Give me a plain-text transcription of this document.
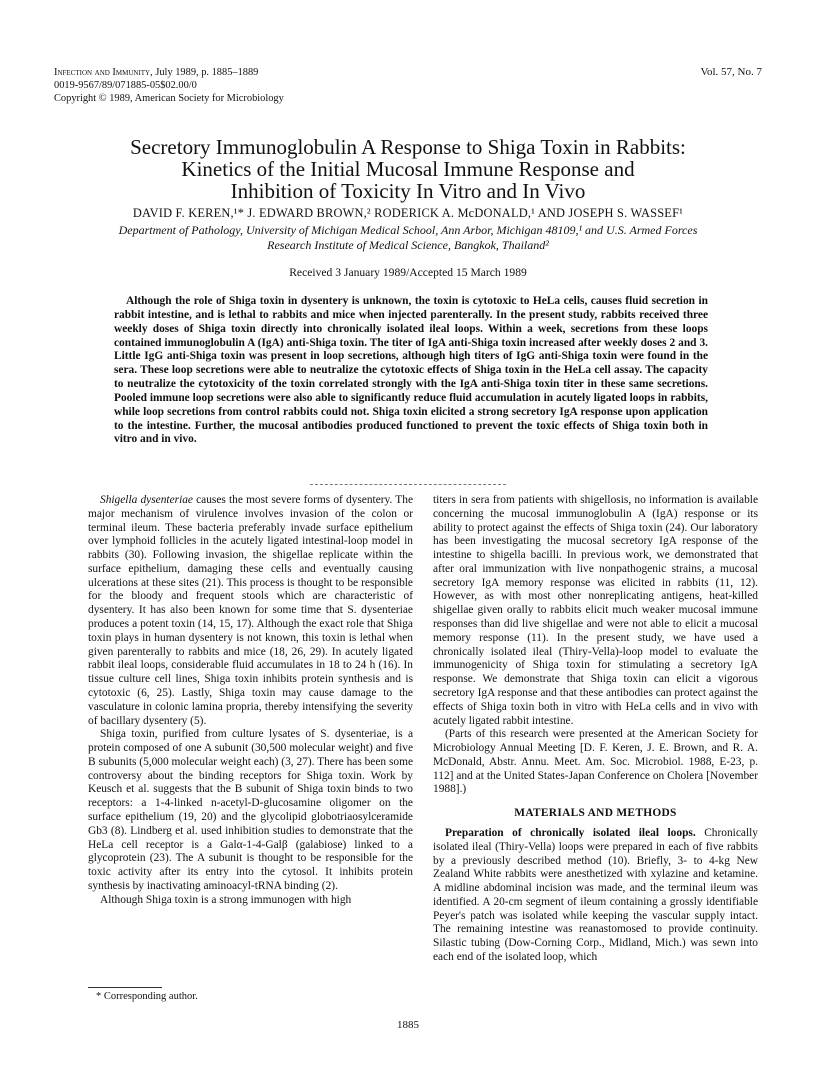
Infection and Immunity, July 1989, p. 1885–1889
0019-9567/89/071885-05$02.00/0
Copyright © 1989, American Society for Microbiology
Vol. 57, No. 7
Secretory Immunoglobulin A Response to Shiga Toxin in Rabbits:
Kinetics of the Initial Mucosal Immune Response and
Inhibition of Toxicity In Vitro and In Vivo
DAVID F. KEREN,¹* J. EDWARD BROWN,² RODERICK A. McDONALD,¹ AND JOSEPH S. WASSEF¹
Department of Pathology, University of Michigan Medical School, Ann Arbor, Michigan 48109,¹ and U.S. Armed Forces
Research Institute of Medical Science, Bangkok, Thailand²
Received 3 January 1989/Accepted 15 March 1989

Although the role of Shiga toxin in dysentery is unknown, the toxin is cytotoxic to HeLa cells, causes fluid secretion in rabbit intestine, and is lethal to rabbits and mice when injected parenterally. In the present study, rabbits received three weekly doses of Shiga toxin directly into chronically isolated ileal loops. Within a week, secretions from these loops contained immunoglobulin A (IgA) anti-Shiga toxin. The titer of IgA anti-Shiga toxin increased after weekly doses 2 and 3. Little IgG anti-Shiga toxin was present in loop secretions, although high titers of IgG anti-Shiga toxin were found in the sera. These loop secretions were able to neutralize the cytotoxic effects of Shiga toxin in the HeLa cell assay. The capacity to neutralize the cytotoxicity of the toxin correlated strongly with the IgA anti-Shiga toxin titer in these same secretions. Pooled immune loop secretions were also able to significantly reduce fluid accumulation in acutely ligated loops in rabbits, while loop secretions from control rabbits could not. Shiga toxin elicited a strong secretory IgA response upon application to the intestine. Further, the mucosal antibodies produced functioned to prevent the toxic effects of Shiga toxin both in vitro and in vivo.

Shigella dysenteriae causes the most severe forms of dysentery. The major mechanism of virulence involves invasion of the colon or terminal ileum. These bacteria preferably invade surface epithelium over lymphoid follicles in the acutely ligated intestinal-loop model in rabbits (30). Following invasion, the shigellae replicate within the surface epithelium, damaging these cells and eventually causing ulcerations at these sites (21). This process is thought to be responsible for the bloody and frequent stools which are characteristic of dysentery. It has also been known for some time that S. dysenteriae produces a potent toxin (14, 15, 17). Although the exact role that Shiga toxin plays in human dysentery is not known, this toxin is lethal when given parenterally to rabbits and mice (18, 26, 29). In acutely ligated rabbit ileal loops, considerable fluid accumulates in 18 to 24 h (16). In tissue culture cell lines, Shiga toxin inhibits protein synthesis and is cytotoxic (6, 25). Lastly, Shiga toxin may cause damage to the vasculature in colonic lamina propria, thereby intensifying the severity of bacillary dysentery (5).

Shiga toxin, purified from culture lysates of S. dysenteriae, is a protein composed of one A subunit (30,500 molecular weight) and five B subunits (5,000 molecular weight each) (3, 27). There has been some controversy about the binding receptors for Shiga toxin. Work by Keusch et al. suggests that the B subunit of Shiga toxin binds to two receptors: a 1-4-linked n-acetyl-D-glucosamine oligomer on the surface epithelium (19, 20) and the glycolipid globotriaosylceramide Gb3 (8). Lindberg et al. used inhibition studies to demonstrate that the HeLa cell receptor is a Galα-1-4-Galβ (galabiose) linked to a glycoprotein (23). The A subunit is thought to be responsible for the toxic activity after its entry into the cytosol. It inhibits protein synthesis by inactivating aminoacyl-tRNA binding (2).

Although Shiga toxin is a strong immunogen with high

titers in sera from patients with shigellosis, no information is available concerning the mucosal immunoglobulin A (IgA) response or its ability to protect against the effects of Shiga toxin (24). Our laboratory has been investigating the mucosal secretory IgA response of the intestine to shigella bacilli. In previous work, we demonstrated that after oral immunization with live nonpathogenic strains, a mucosal secretory IgA memory response was elicited in rabbits (11, 12). However, as with most other nonreplicating antigens, heat-killed shigellae given orally to rabbits elicit much weaker mucosal immune responses than did live shigellae and were not able to elicit a mucosal memory response (11). In the present study, we have used a chronically isolated ileal (Thiry-Vella)-loop model to evaluate the immunogenicity of Shiga toxin for stimulating a secretory IgA response. We demonstrate that Shiga toxin can elicit a vigorous secretory IgA response and that these antibodies can protect against the effects of Shiga toxin both in vitro with HeLa cells and in vivo with acutely ligated rabbit intestine.

(Parts of this research were presented at the American Society for Microbiology Annual Meeting [D. F. Keren, J. E. Brown, and R. A. McDonald, Abstr. Annu. Meet. Am. Soc. Microbiol. 1988, E-23, p. 112] and at the United States-Japan Conference on Cholera [November 1988].)

MATERIALS AND METHODS

Preparation of chronically isolated ileal loops. Chronically isolated ileal (Thiry-Vella) loops were prepared in each of five rabbits by a previously described method (10). Briefly, 3- to 4-kg New Zealand White rabbits were anesthetized with xylazine and ketamine. A midline abdominal incision was made, and the terminal ileum was identified. A 20-cm segment of ileum containing a grossly identifiable Peyer's patch was isolated while keeping the vascular supply intact. The remaining intestine was reanastomosed to provide continuity. Silastic tubing (Dow-Corning Corp., Midland, Mich.) was sewn into each end of the isolated loop, which

* Corresponding author.
1885
